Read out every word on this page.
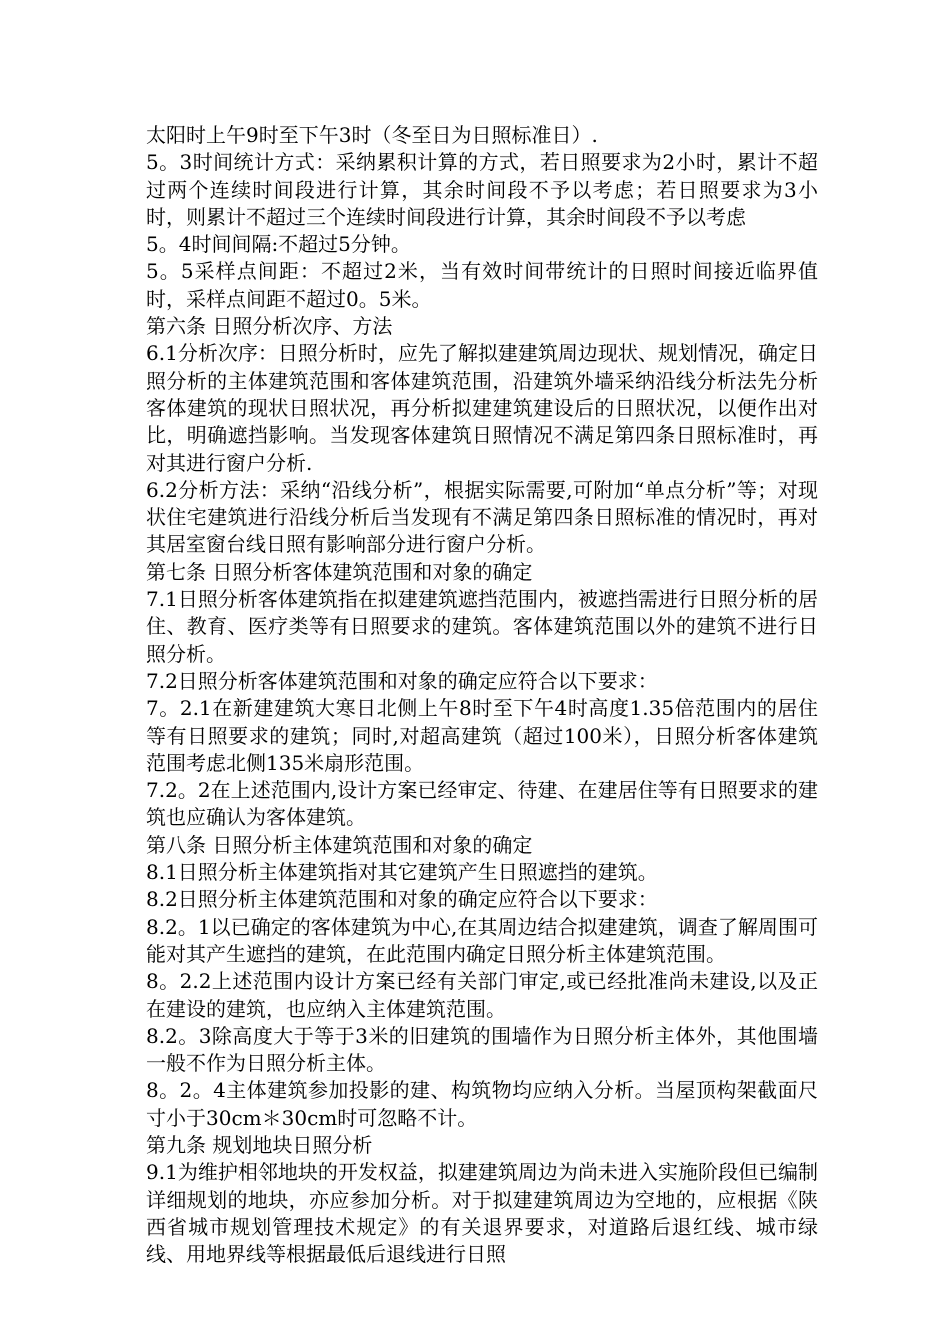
太阳时上午9时至下午3时（冬至日为日照标准日）.

5。3时间统计方式：采纳累积计算的方式，若日照要求为2小时，累计不超过两个连续时间段进行计算，其余时间段不予以考虑；若日照要求为3小时，则累计不超过三个连续时间段进行计算，其余时间段不予以考虑

5。4时间间隔:不超过5分钟。

5。5采样点间距：不超过2米，当有效时间带统计的日照时间接近临界值时，采样点间距不超过0。5米。

第六条 日照分析次序、方法

6.1分析次序：日照分析时，应先了解拟建建筑周边现状、规划情况，确定日照分析的主体建筑范围和客体建筑范围，沿建筑外墙采纳沿线分析法先分析客体建筑的现状日照状况，再分析拟建建筑建设后的日照状况，以便作出对比，明确遮挡影响。当发现客体建筑日照情况不满足第四条日照标准时，再对其进行窗户分析.

6.2分析方法：采纳“沿线分析”，根据实际需要,可附加“单点分析”等；对现状住宅建筑进行沿线分析后当发现有不满足第四条日照标准的情况时，再对其居室窗台线日照有影响部分进行窗户分析。

第七条 日照分析客体建筑范围和对象的确定

7.1日照分析客体建筑指在拟建建筑遮挡范围内，被遮挡需进行日照分析的居住、教育、医疗类等有日照要求的建筑。客体建筑范围以外的建筑不进行日照分析。

7.2日照分析客体建筑范围和对象的确定应符合以下要求：

7。2.1在新建建筑大寒日北侧上午8时至下午4时高度1.35倍范围内的居住等有日照要求的建筑；同时,对超高建筑（超过100米），日照分析客体建筑范围考虑北侧135米扇形范围。

7.2。2在上述范围内,设计方案已经审定、待建、在建居住等有日照要求的建筑也应确认为客体建筑。

第八条 日照分析主体建筑范围和对象的确定

8.1日照分析主体建筑指对其它建筑产生日照遮挡的建筑。

8.2日照分析主体建筑范围和对象的确定应符合以下要求：

8.2。1以已确定的客体建筑为中心,在其周边结合拟建建筑，调查了解周围可能对其产生遮挡的建筑，在此范围内确定日照分析主体建筑范围。

8。2.2上述范围内设计方案已经有关部门审定,或已经批准尚未建设,以及正在建设的建筑，也应纳入主体建筑范围。

8.2。3除高度大于等于3米的旧建筑的围墙作为日照分析主体外，其他围墙一般不作为日照分析主体。

8。2。4主体建筑参加投影的建、构筑物均应纳入分析。当屋顶构架截面尺寸小于30cm＊30cm时可忽略不计。

第九条 规划地块日照分析

9.1为维护相邻地块的开发权益，拟建建筑周边为尚未进入实施阶段但已编制详细规划的地块，亦应参加分析。对于拟建建筑周边为空地的，应根据《陕西省城市规划管理技术规定》的有关退界要求，对道路后退红线、城市绿线、用地界线等根据最低后退线进行日照
